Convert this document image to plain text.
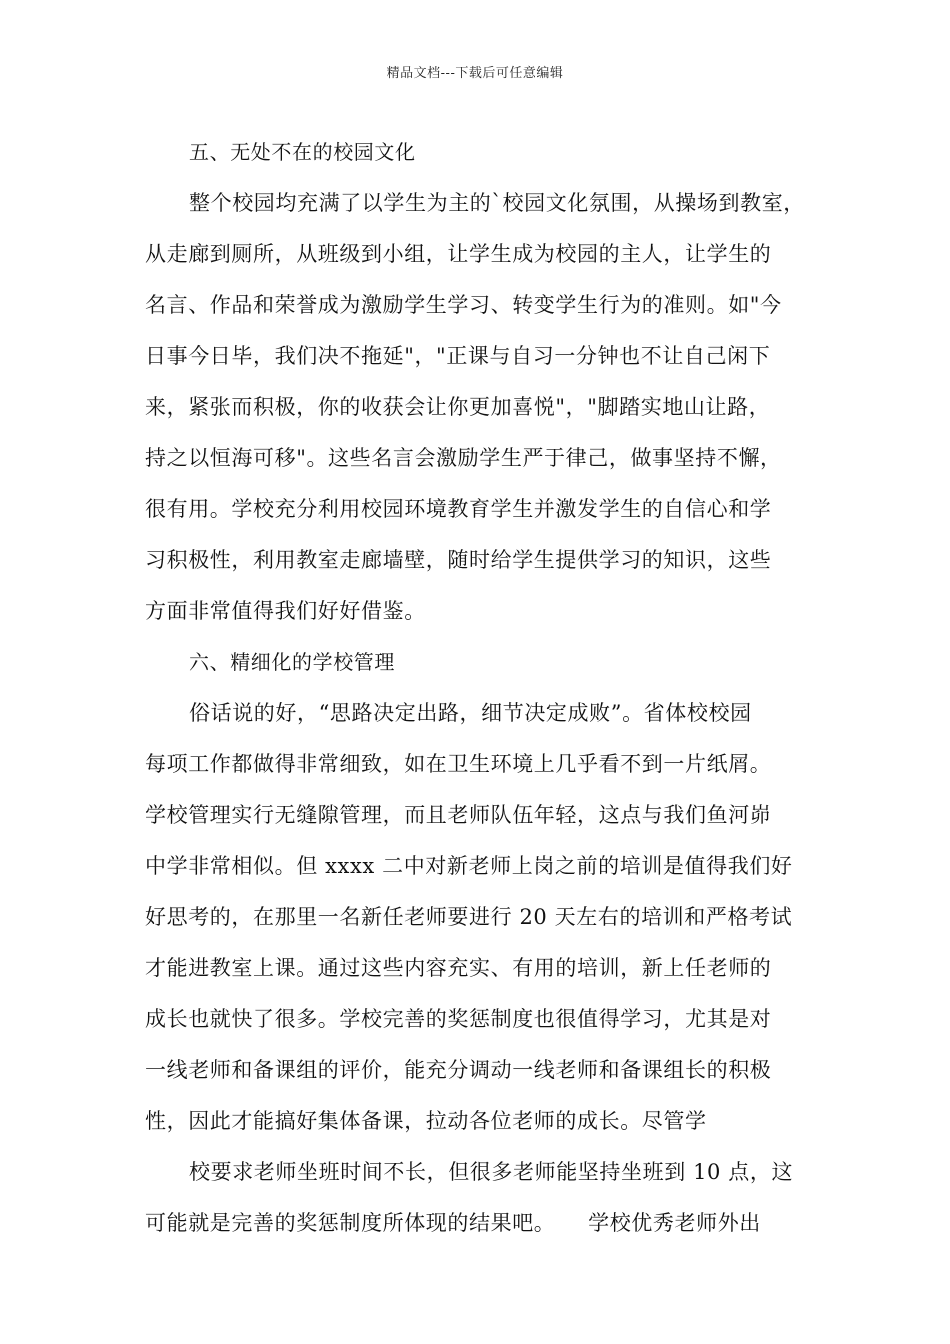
精品文档---下载后可任意编辑
五、无处不在的校园文化
整个校园均充满了以学生为主的`校园文化氛围，从操场到教室，
从走廊到厕所，从班级到小组，让学生成为校园的主人，让学生的
名言、作品和荣誉成为激励学生学习、转变学生行为的准则。如"今
日事今日毕，我们决不拖延"，"正课与自习一分钟也不让自己闲下
来，紧张而积极，你的收获会让你更加喜悦"，"脚踏实地山让路，
持之以恒海可移"。这些名言会激励学生严于律己，做事坚持不懈，
很有用。学校充分利用校园环境教育学生并激发学生的自信心和学
习积极性，利用教室走廊墙壁，随时给学生提供学习的知识，这些
方面非常值得我们好好借鉴。
六、精细化的学校管理
俗话说的好，“思路决定出路，细节决定成败”。省体校校园
每项工作都做得非常细致，如在卫生环境上几乎看不到一片纸屑。
学校管理实行无缝隙管理，而且老师队伍年轻，这点与我们鱼河峁
中学非常相似。但 xxxx 二中对新老师上岗之前的培训是值得我们好
好思考的，在那里一名新任老师要进行 20 天左右的培训和严格考试
才能进教室上课。通过这些内容充实、有用的培训，新上任老师的
成长也就快了很多。学校完善的奖惩制度也很值得学习，尤其是对
一线老师和备课组的评价，能充分调动一线老师和备课组长的积极
性，因此才能搞好集体备课，拉动各位老师的成长。尽管学
校要求老师坐班时间不长，但很多老师能坚持坐班到 10 点，这
可能就是完善的奖惩制度所体现的结果吧。　　学校优秀老师外出
